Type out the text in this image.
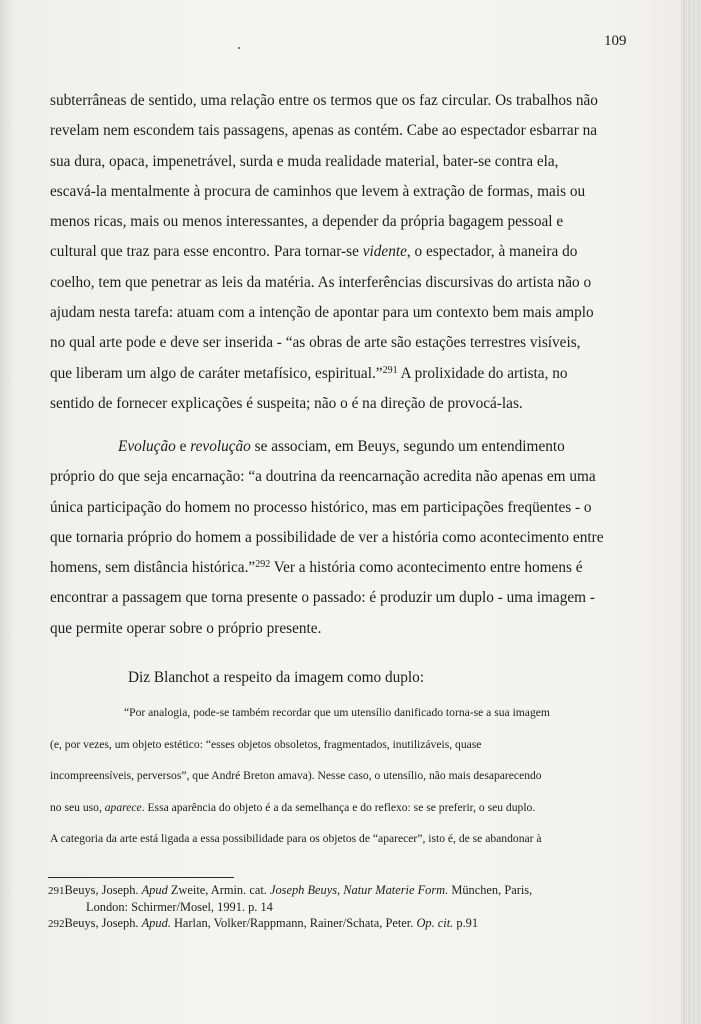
109
subterrâneas de sentido, uma relação entre os termos que os faz circular. Os trabalhos não
revelam nem escondem tais passagens, apenas as contém. Cabe ao espectador esbarrar na
sua dura, opaca, impenetrável, surda e muda realidade material, bater-se contra ela,
escavá-la mentalmente à procura de caminhos que levem à extração de formas, mais ou
menos ricas, mais ou menos interessantes, a depender da própria bagagem pessoal e
cultural que traz para esse encontro. Para tornar-se vidente, o espectador, à maneira do
coelho, tem que penetrar as leis da matéria. As interferências discursivas do artista não o
ajudam nesta tarefa: atuam com a intenção de apontar para um contexto bem mais amplo
no qual arte pode e deve ser inserida - “as obras de arte são estações terrestres visíveis,
que liberam um algo de caráter metafísico, espiritual.”$^{291}$ A prolixidade do artista, no
sentido de fornecer explicações é suspeita; não o é na direção de provocá-las.
Evolução e revolução se associam, em Beuys, segundo um entendimento
próprio do que seja encarnação: “a doutrina da reencarnação acredita não apenas em uma
única participação do homem no processo histórico, mas em participações freqüentes - o
que tornaria próprio do homem a possibilidade de ver a história como acontecimento entre
homens, sem distância histórica.”$^{292}$ Ver a história como acontecimento entre homens é
encontrar a passagem que torna presente o passado: é produzir um duplo - uma imagem -
que permite operar sobre o próprio presente.
Diz Blanchot a respeito da imagem como duplo:
“Por analogia, pode-se também recordar que um utensílio danificado torna-se a sua imagem
(e, por vezes, um objeto estético: “esses objetos obsoletos, fragmentados, inutilizáveis, quase
incompreensíveis, perversos”, que André Breton amava). Nesse caso, o utensílio, não mais desaparecendo
no seu uso, aparece. Essa aparência do objeto é a da semelhança e do reflexo: se se preferir, o seu duplo.
A categoria da arte está ligada a essa possibilidade para os objetos de “aparecer”, isto é, de se abandonar à
291Beuys, Joseph. Apud Zweite, Armin. cat. Joseph Beuys, Natur Materie Form. München, Paris,
London: Schirmer/Mosel, 1991. p. 14
292Beuys, Joseph. Apud. Harlan, Volker/Rappmann, Rainer/Schata, Peter. Op. cit. p.91
